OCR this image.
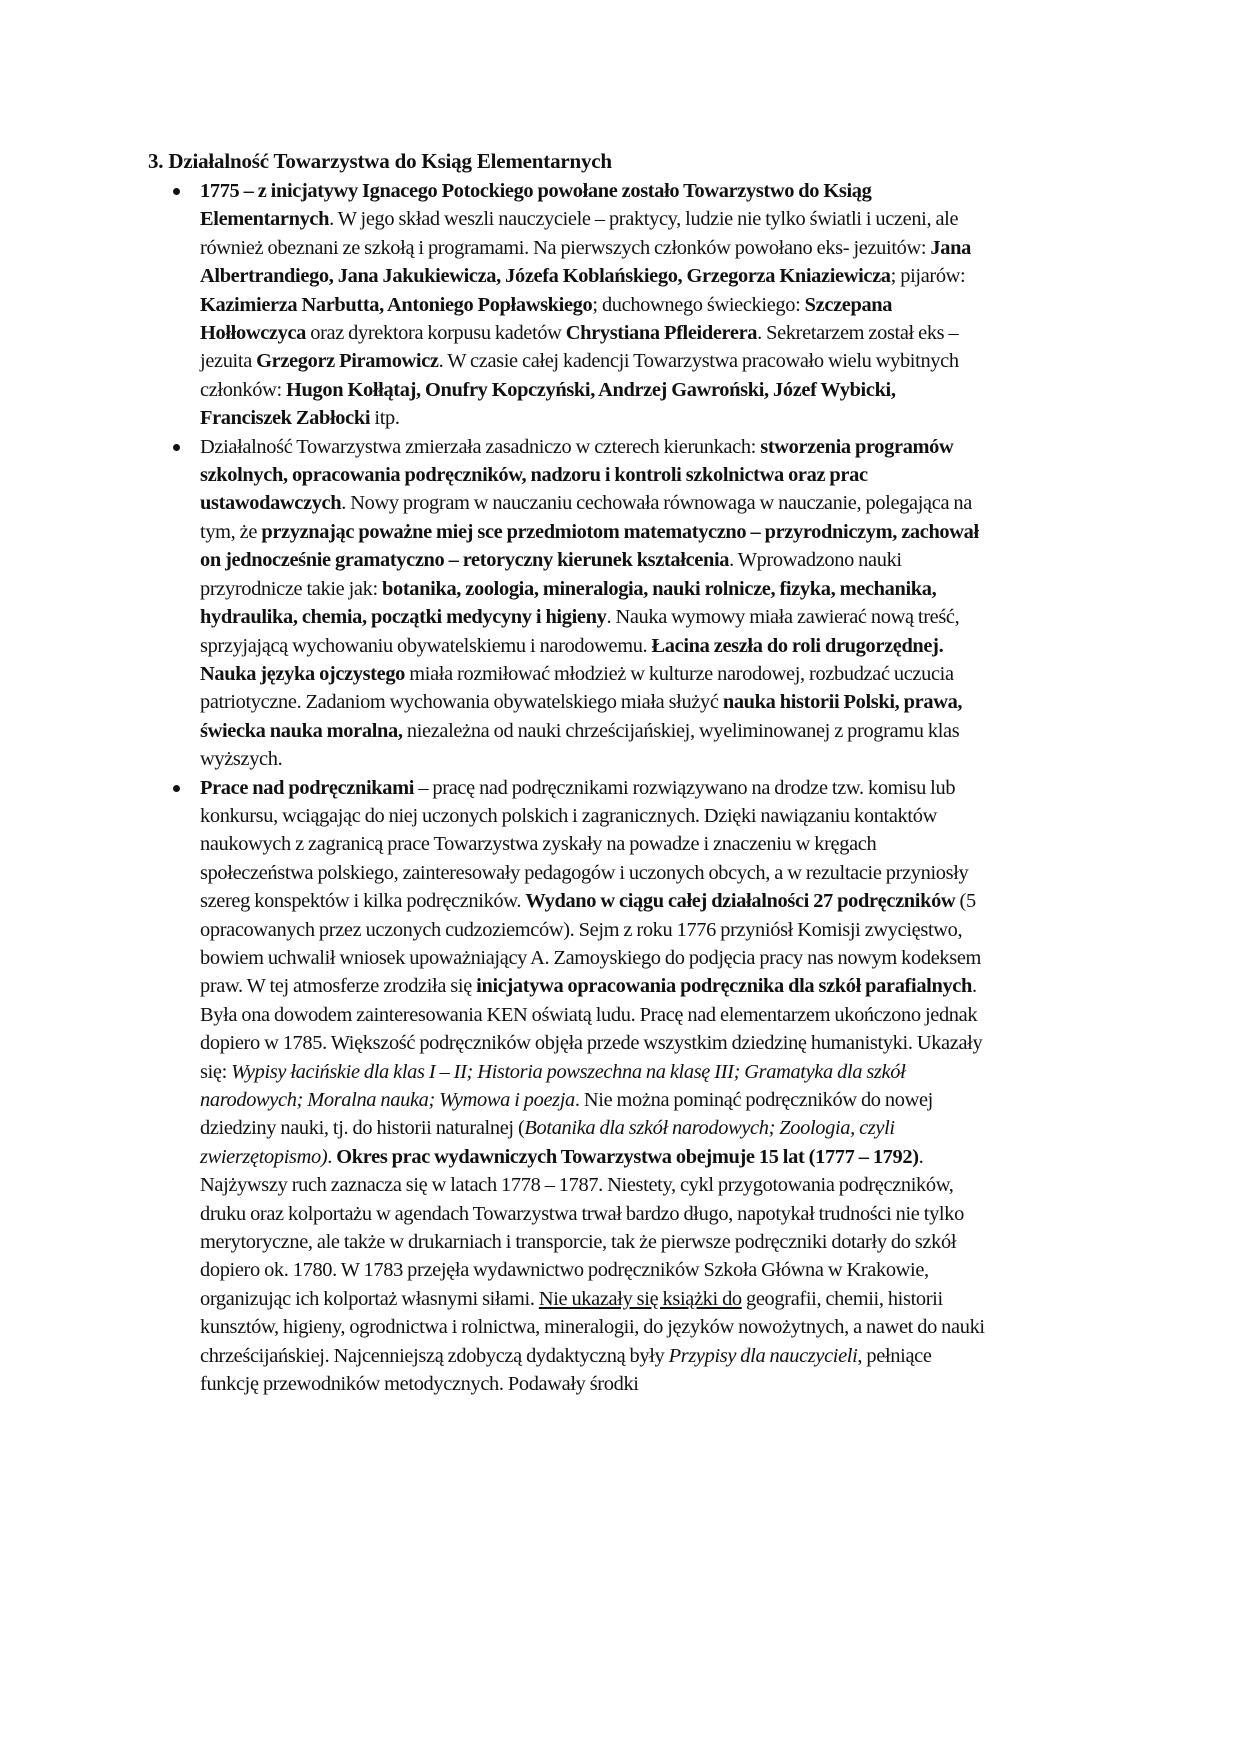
3. Działalność Towarzystwa do Ksiąg Elementarnych
1775 – z inicjatywy Ignacego Potockiego powołane zostało Towarzystwo do Ksiąg Elementarnych. W jego skład weszli nauczyciele – praktycy, ludzie nie tylko światli i uczeni, ale również obeznani ze szkołą i programami. Na pierwszych członków powołano eks- jezuitów: Jana Albertrandiego, Jana Jakukiewicza, Józefa Koblańskiego, Grzegorza Kniaziewicza; pijarów: Kazimierza Narbutta, Antoniego Popławskiego; duchownego świeckiego: Szczepana Hołłowczyca oraz dyrektora korpusu kadetów Chrystiana Pfleiderera. Sekretarzem został eks – jezuita Grzegorz Piramowicz. W czasie całej kadencji Towarzystwa pracowało wielu wybitnych członków: Hugon Kołłątaj, Onufry Kopczyński, Andrzej Gawroński, Józef Wybicki, Franciszek Zabłocki itp.
Działalność Towarzystwa zmierzała zasadniczo w czterech kierunkach: stworzenia programów szkolnych, opracowania podręczników, nadzoru i kontroli szkolnictwa oraz prac ustawodawczych. Nowy program w nauczaniu cechowała równowaga w nauczanie, polegająca na tym, że przyznając poważne miej sce przedmiotom matematyczno – przyrodniczym, zachował on jednocześnie gramatyczno – retoryczny kierunek kształcenia. Wprowadzono nauki przyrodnicze takie jak: botanika, zoologia, mineralogia, nauki rolnicze, fizyka, mechanika, hydraulika, chemia, początki medycyny i higieny. Nauka wymowy miała zawierać nową treść, sprzyjającą wychowaniu obywatelskiemu i narodowemu. Łacina zeszła do roli drugorzędnej. Nauka języka ojczystego miała rozmiłować młodzież w kulturze narodowej, rozbudzać uczucia patriotyczne. Zadaniom wychowania obywatelskiego miała służyć nauka historii Polski, prawa, świecka nauka moralna, niezależna od nauki chrześcijańskiej, wyeliminowanej z programu klas wyższych.
Prace nad podręcznikami – pracę nad podręcznikami rozwiązywano na drodze tzw. komisu lub konkursu, wciągając do niej uczonych polskich i zagranicznych. Dzięki nawiązaniu kontaktów naukowych z zagranicą prace Towarzystwa zyskały na powadze i znaczeniu w kręgach społeczeństwa polskiego, zainteresowały pedagogów i uczonych obcych, a w rezultacie przyniosły szereg konspektów i kilka podręczników. Wydano w ciągu całej działalności 27 podręczników (5 opracowanych przez uczonych cudzoziemców). Sejm z roku 1776 przyniósł Komisji zwycięstwo, bowiem uchwalił wniosek upoważniający A. Zamoyskiego do podjęcia pracy nas nowym kodeksem praw. W tej atmosferze zrodziła się inicjatywa opracowania podręcznika dla szkół parafialnych. Była ona dowodem zainteresowania KEN oświatą ludu. Pracę nad elementarzem ukończono jednak dopiero w 1785. Większość podręczników objęła przede wszystkim dziedzinę humanistyki. Ukazały się: Wypisy łacińskie dla klas I – II; Historia powszechna na klasę III; Gramatyka dla szkół narodowych; Moralna nauka; Wymowa i poezja. Nie można pominąć podręczników do nowej dziedziny nauki, tj. do historii naturalnej (Botanika dla szkół narodowych; Zoologia, czyli zwierzętopismo). Okres prac wydawniczych Towarzystwa obejmuje 15 lat (1777 – 1792). Najżywszy ruch zaznacza się w latach 1778 – 1787. Niestety, cykl przygotowania podręczników, druku oraz kolportażu w agendach Towarzystwa trwał bardzo długo, napotykał trudności nie tylko merytoryczne, ale także w drukarniach i transporcie, tak że pierwsze podręczniki dotarły do szkół dopiero ok. 1780. W 1783 przejęła wydawnictwo podręczników Szkoła Główna w Krakowie, organizując ich kolportaż własnymi siłami. Nie ukazały się książki do geografii, chemii, historii kunsztów, higieny, ogrodnictwa i rolnictwa, mineralogii, do języków nowożytnych, a nawet do nauki chrześcijańskiej. Najcenniejszą zdobyczą dydaktyczną były Przypisy dla nauczycieli, pełniące funkcję przewodników metodycznych. Podawały środki
